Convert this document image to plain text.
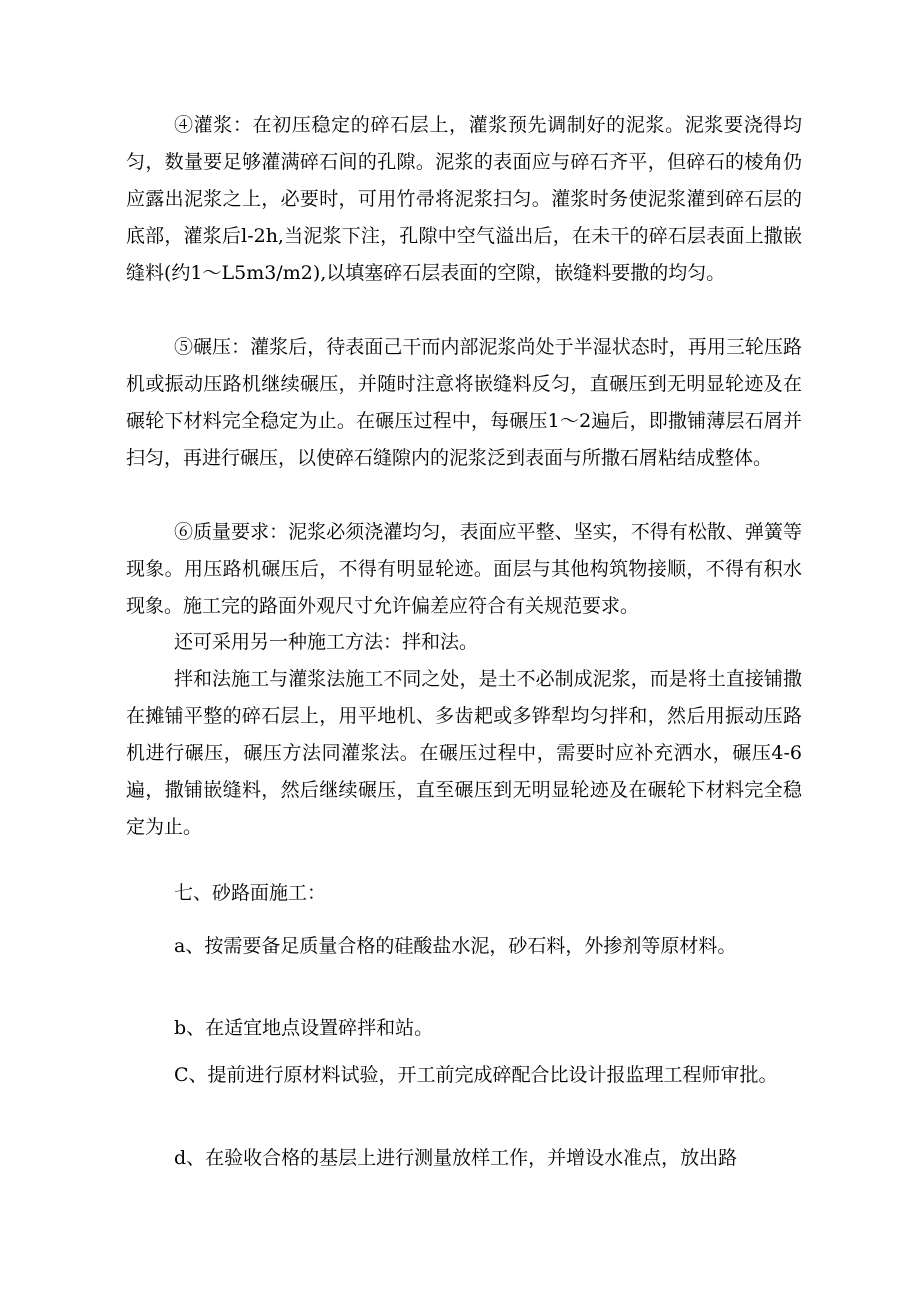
④灌浆：在初压稳定的碎石层上，灌浆预先调制好的泥浆。泥浆要浇得均匀，数量要足够灌满碎石间的孔隙。泥浆的表面应与碎石齐平，但碎石的棱角仍应露出泥浆之上，必要时，可用竹帚将泥浆扫匀。灌浆时务使泥浆灌到碎石层的底部，灌浆后l-2h,当泥浆下注，孔隙中空气溢出后，在未干的碎石层表面上撒嵌缝料(约1～L5m3/m2),以填塞碎石层表面的空隙，嵌缝料要撒的均匀。

⑤碾压：灌浆后，待表面己干而内部泥浆尚处于半湿状态时，再用三轮压路机或振动压路机继续碾压，并随时注意将嵌缝料反匀，直碾压到无明显轮迹及在碾轮下材料完全稳定为止。在碾压过程中，每碾压1～2遍后，即撒铺薄层石屑并扫匀，再进行碾压，以使碎石缝隙内的泥浆泛到表面与所撒石屑粘结成整体。

⑥质量要求：泥浆必须浇灌均匀，表面应平整、坚实，不得有松散、弹簧等现象。用压路机碾压后，不得有明显轮迹。面层与其他构筑物接顺，不得有积水现象。施工完的路面外观尺寸允许偏差应符合有关规范要求。

还可采用另一种施工方法：拌和法。

拌和法施工与灌浆法施工不同之处，是土不必制成泥浆，而是将土直接铺撒在摊铺平整的碎石层上，用平地机、多齿耙或多铧犁均匀拌和，然后用振动压路机进行碾压，碾压方法同灌浆法。在碾压过程中，需要时应补充洒水，碾压4-6遍，撒铺嵌缝料，然后继续碾压，直至碾压到无明显轮迹及在碾轮下材料完全稳定为止。

七、砂路面施工：

a、按需要备足质量合格的硅酸盐水泥，砂石料，外掺剂等原材料。

b、在适宜地点设置碎拌和站。

C、提前进行原材料试验，开工前完成碎配合比设计报监理工程师审批。

d、在验收合格的基层上进行测量放样工作，并增设水准点，放出路
